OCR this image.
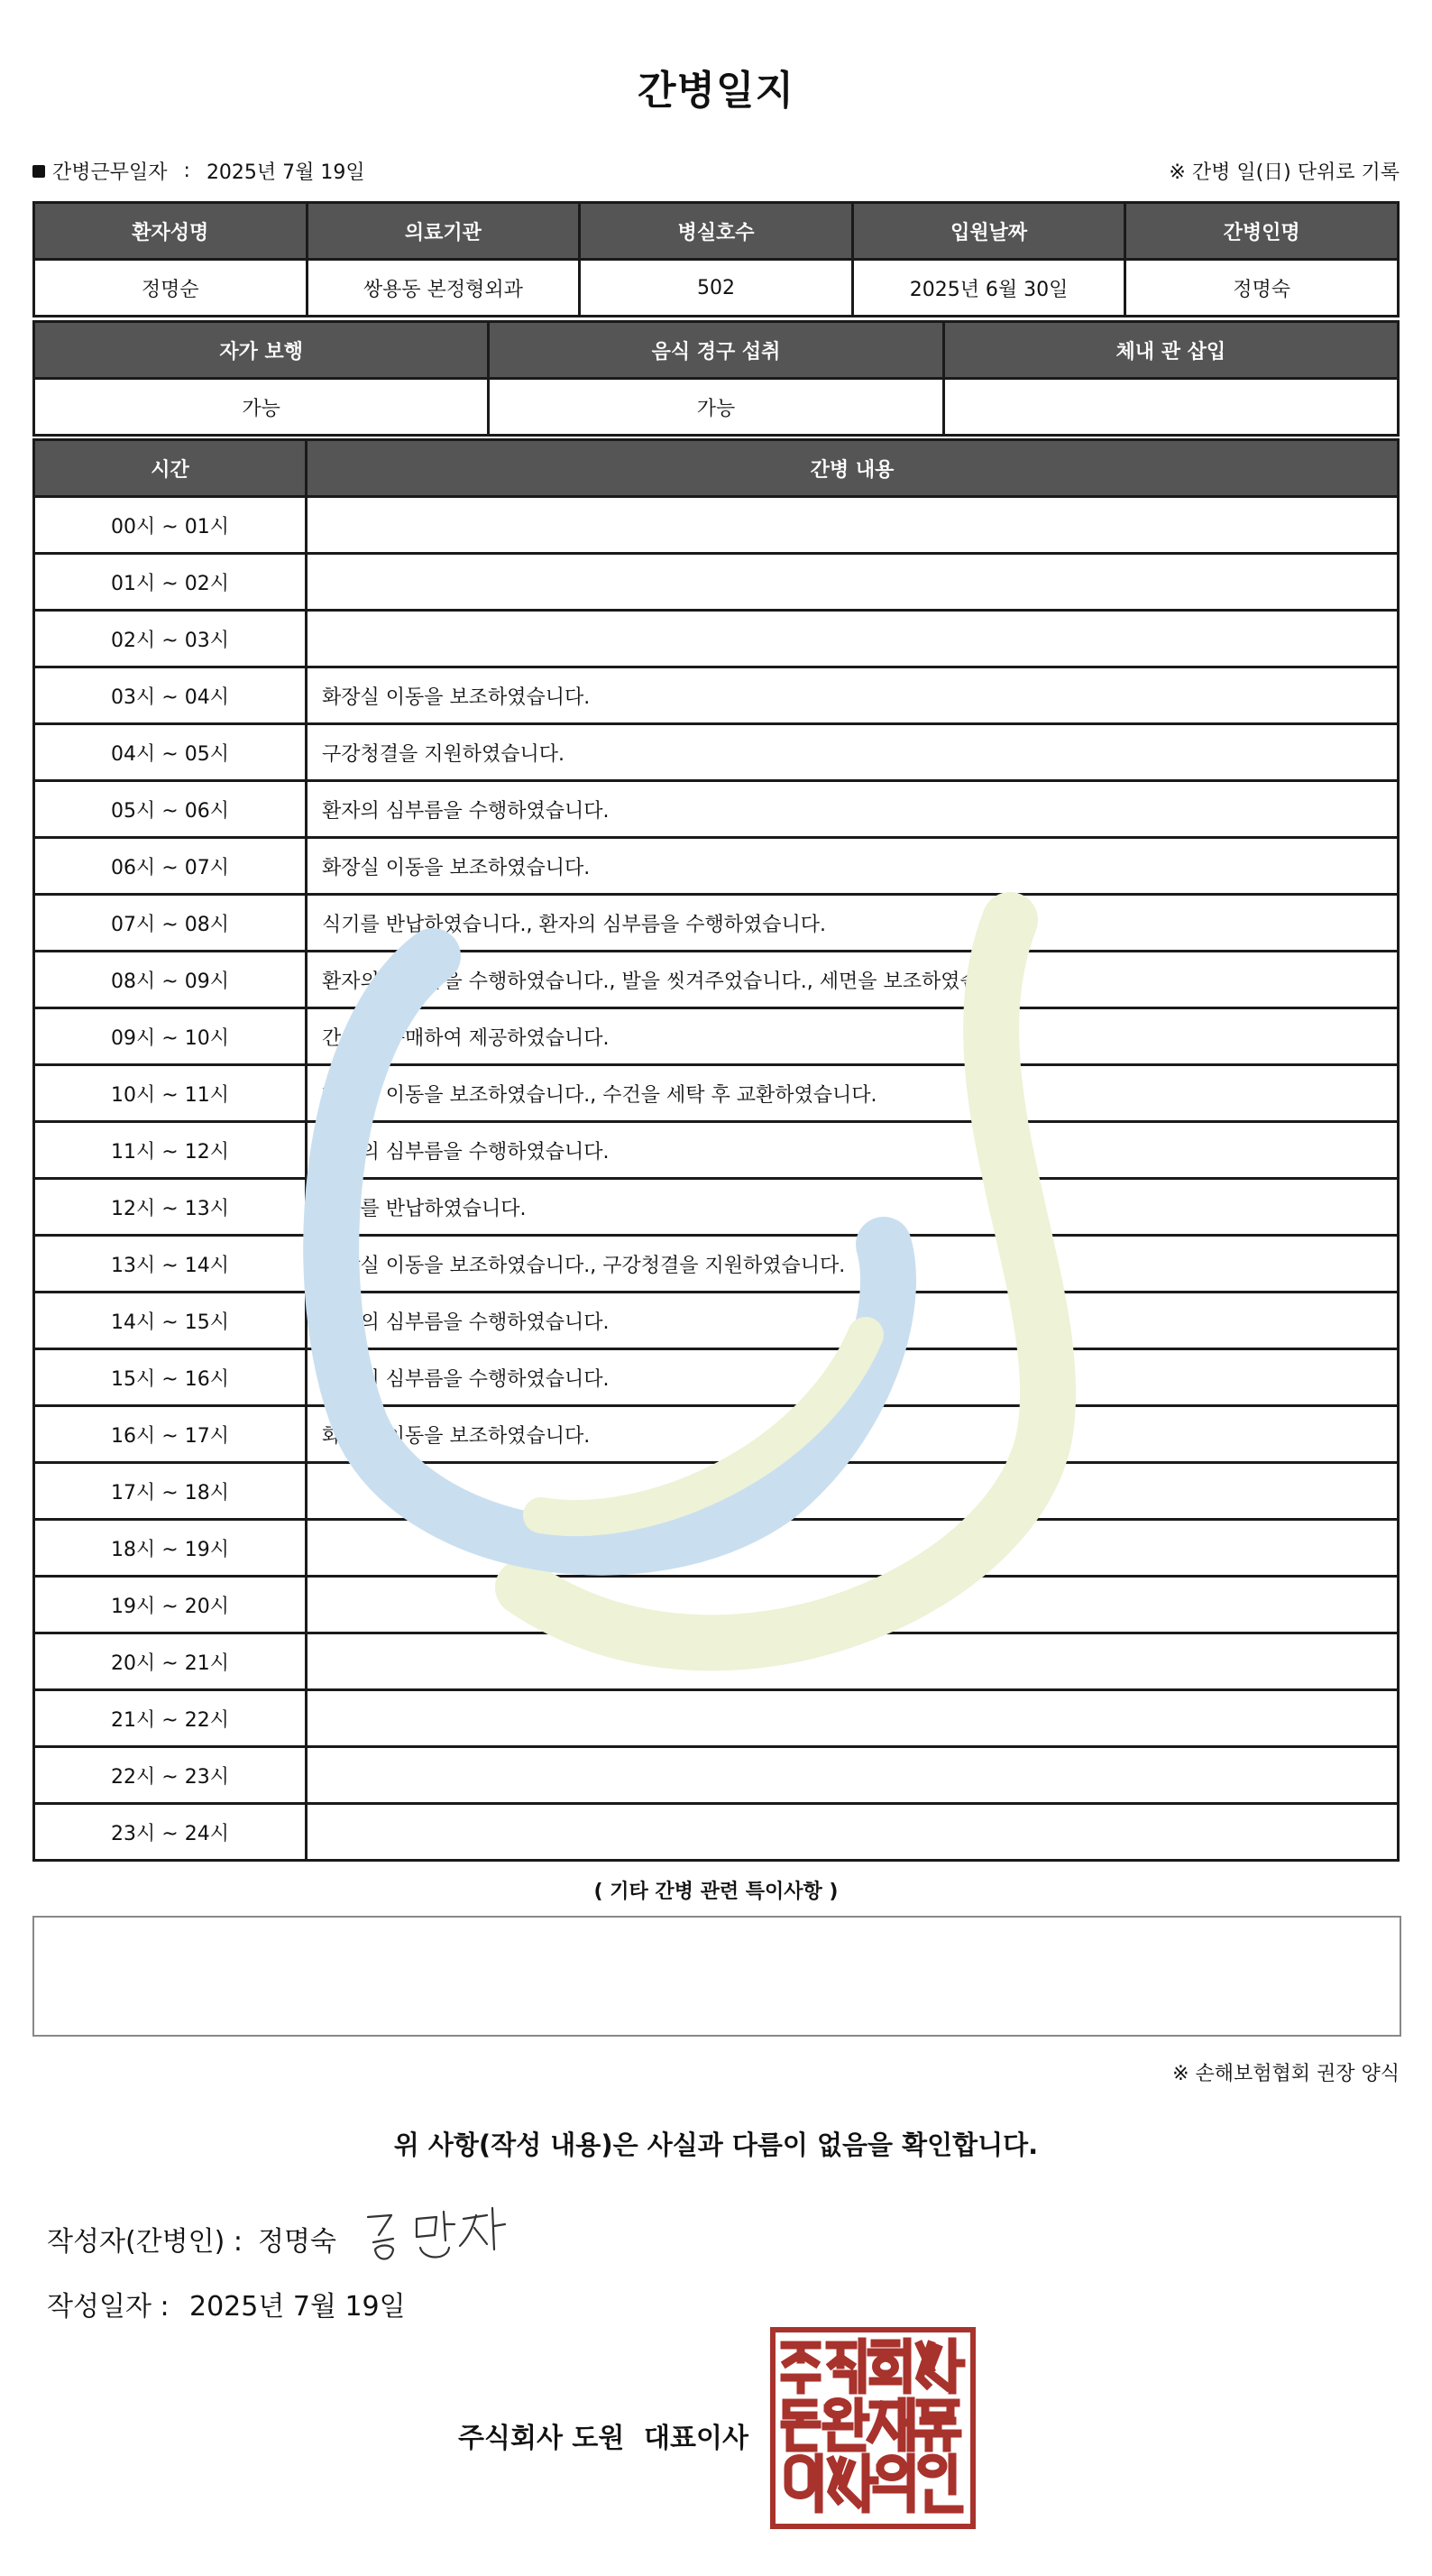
간병일지
간병근무일자 : 2025년 7월 19일	※ 간병 일(日) 단위로 기록
환자성명	의료기관	병실호수	입원날짜	간병인명
정명순	쌍용동 본정형외과	502	2025년 6월 30일	정명숙
자가 보행	음식 경구 섭취	체내 관 삽입
가능	가능	
시간	간병 내용
00시 ~ 01시	
01시 ~ 02시	
02시 ~ 03시	
03시 ~ 04시	화장실 이동을 보조하였습니다.
04시 ~ 05시	구강청결을 지원하였습니다.
05시 ~ 06시	환자의 심부름을 수행하였습니다.
06시 ~ 07시	화장실 이동을 보조하였습니다.
07시 ~ 08시	식기를 반납하였습니다., 환자의 심부름을 수행하였습니다.
08시 ~ 09시	환자의 심부름을 수행하였습니다., 발을 씻겨주었습니다., 세면을 보조하였습니다.
09시 ~ 10시	간식을 구매하여 제공하였습니다.
10시 ~ 11시	화장실 이동을 보조하였습니다., 수건을 세탁 후 교환하였습니다.
11시 ~ 12시	환자의 심부름을 수행하였습니다.
12시 ~ 13시	식기를 반납하였습니다.
13시 ~ 14시	화장실 이동을 보조하였습니다., 구강청결을 지원하였습니다.
14시 ~ 15시	환자의 심부름을 수행하였습니다.
15시 ~ 16시	환자의 심부름을 수행하였습니다.
16시 ~ 17시	화장실 이동을 보조하였습니다.
17시 ~ 18시	
18시 ~ 19시	
19시 ~ 20시	
20시 ~ 21시	
21시 ~ 22시	
22시 ~ 23시	
23시 ~ 24시	
( 기타 간병 관련 특이사항 )
※ 손해보험협회 권장 양식
위 사항(작성 내용)은 사실과 다름이 없음을 확인합니다.
작성자(간병인) : 정명숙
작성일자 : 2025년 7월 19일
주식회사 도원 대표이사
